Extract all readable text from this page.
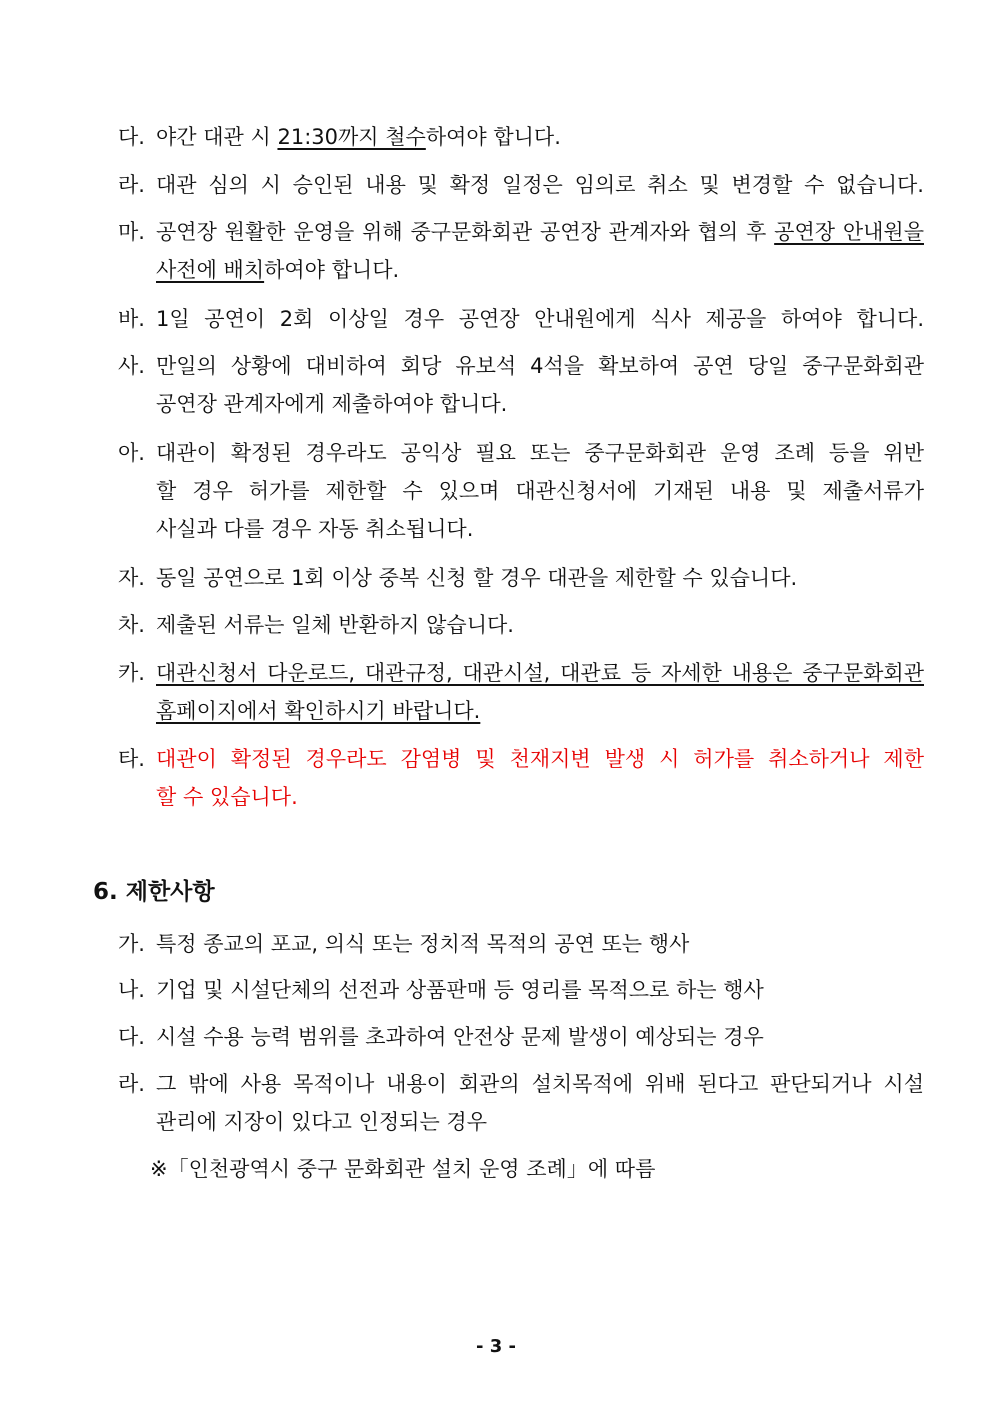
다. 야간 대관 시 21:30까지 철수하여야 합니다.
라. 대관 심의 시 승인된 내용 및 확정 일정은 임의로 취소 및 변경할 수 없습니다.
마. 공연장 원활한 운영을 위해 중구문화회관 공연장 관계자와 협의 후 공연장 안내원을
사전에 배치하여야 합니다.
바. 1일 공연이 2회 이상일 경우 공연장 안내원에게 식사 제공을 하여야 합니다.
사. 만일의 상황에 대비하여 회당 유보석 4석을 확보하여 공연 당일 중구문화회관
공연장 관계자에게 제출하여야 합니다.
아. 대관이 확정된 경우라도 공익상 필요 또는 중구문화회관 운영 조례 등을 위반
할 경우 허가를 제한할 수 있으며 대관신청서에 기재된 내용 및 제출서류가
사실과 다를 경우 자동 취소됩니다.
자. 동일 공연으로 1회 이상 중복 신청 할 경우 대관을 제한할 수 있습니다.
차. 제출된 서류는 일체 반환하지 않습니다.
카. 대관신청서 다운로드, 대관규정, 대관시설, 대관료 등 자세한 내용은 중구문화회관
홈페이지에서 확인하시기 바랍니다.
타. 대관이 확정된 경우라도 감염병 및 천재지변 발생 시 허가를 취소하거나 제한
할 수 있습니다.
6. 제한사항
가. 특정 종교의 포교, 의식 또는 정치적 목적의 공연 또는 행사
나. 기업 및 시설단체의 선전과 상품판매 등 영리를 목적으로 하는 행사
다. 시설 수용 능력 범위를 초과하여 안전상 문제 발생이 예상되는 경우
라. 그 밖에 사용 목적이나 내용이 회관의 설치목적에 위배 된다고 판단되거나 시설
관리에 지장이 있다고 인정되는 경우
※「인천광역시 중구 문화회관 설치 운영 조례」에 따름
- 3 -
